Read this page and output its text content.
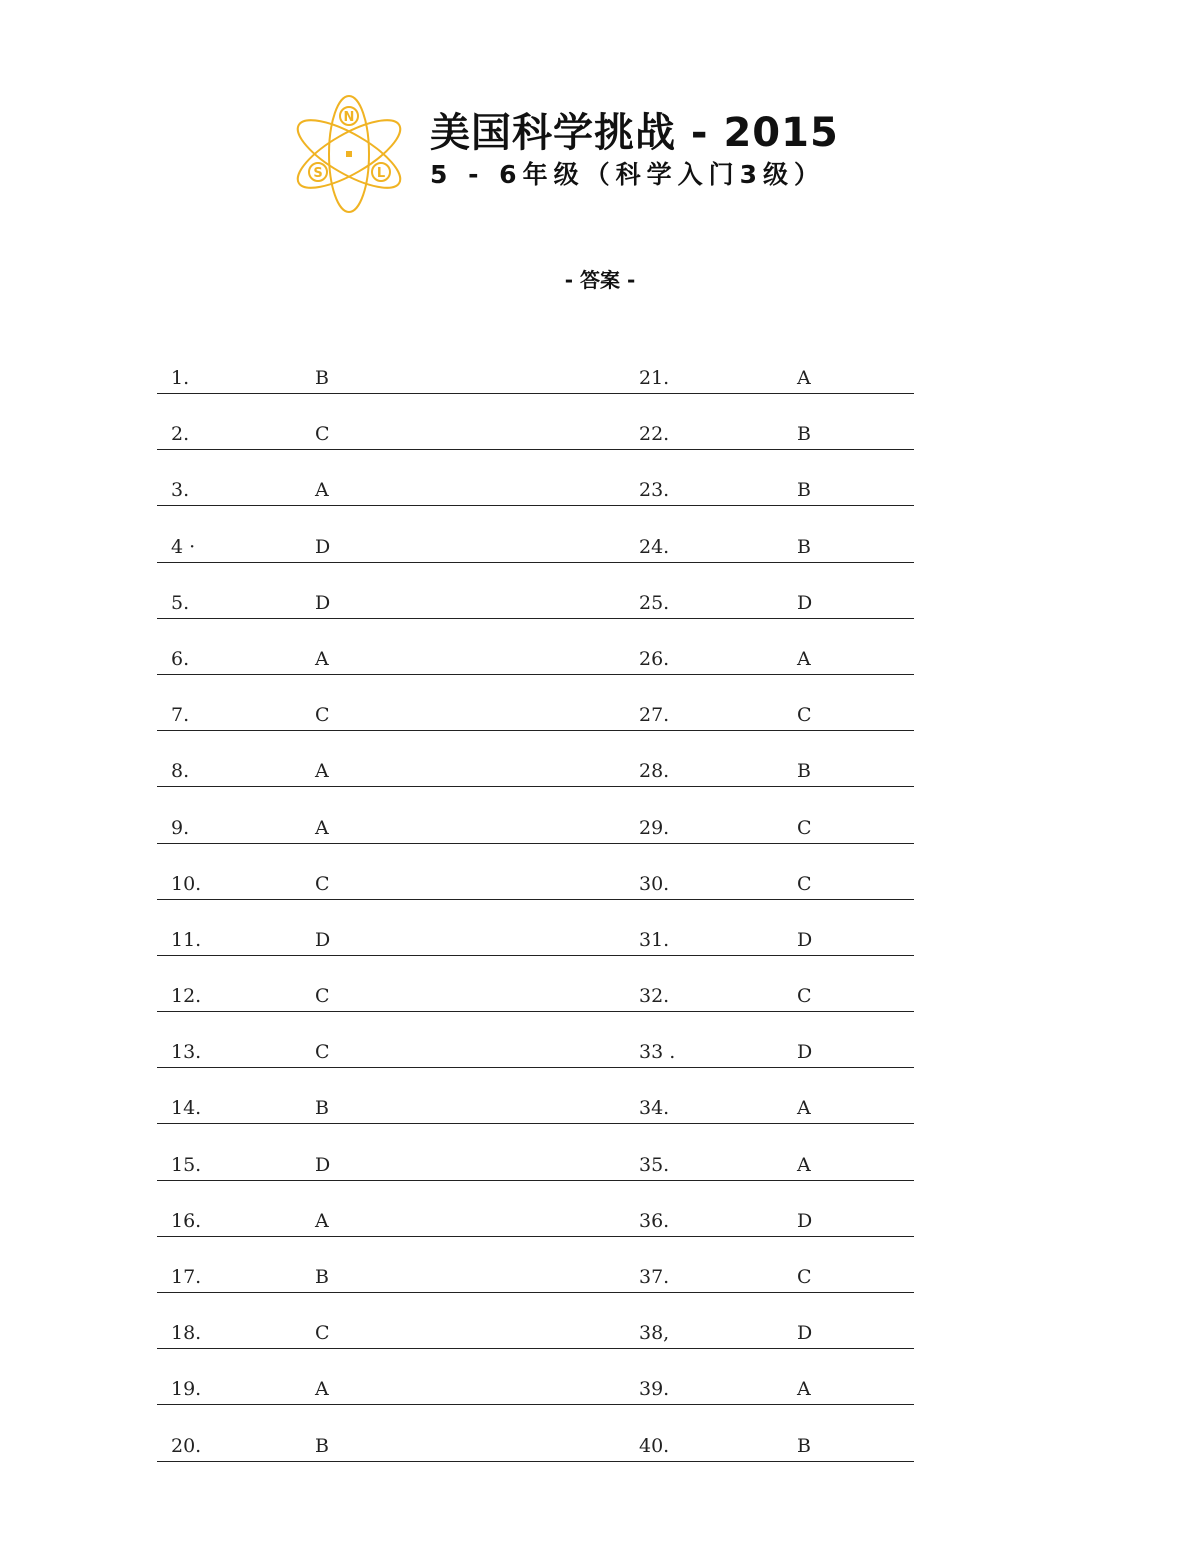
N
S	L
美国科学挑战 - 2015
5 - 6年级（科学入门3级）
- 答案 -
1.	B	21.	A
2.	C	22.	B
3.	A	23.	B
4 ·	D	24.	B
5.	D	25.	D
6.	A	26.	A
7.	C	27.	C
8.	A	28.	B
9.	A	29.	C
10.	C	30.	C
11.	D	31.	D
12.	C	32.	C
13.	C	33 .	D
14.	B	34.	A
15.	D	35.	A
16.	A	36.	D
17.	B	37.	C
18.	C	38,	D
19.	A	39.	A
20.	B	40.	B
